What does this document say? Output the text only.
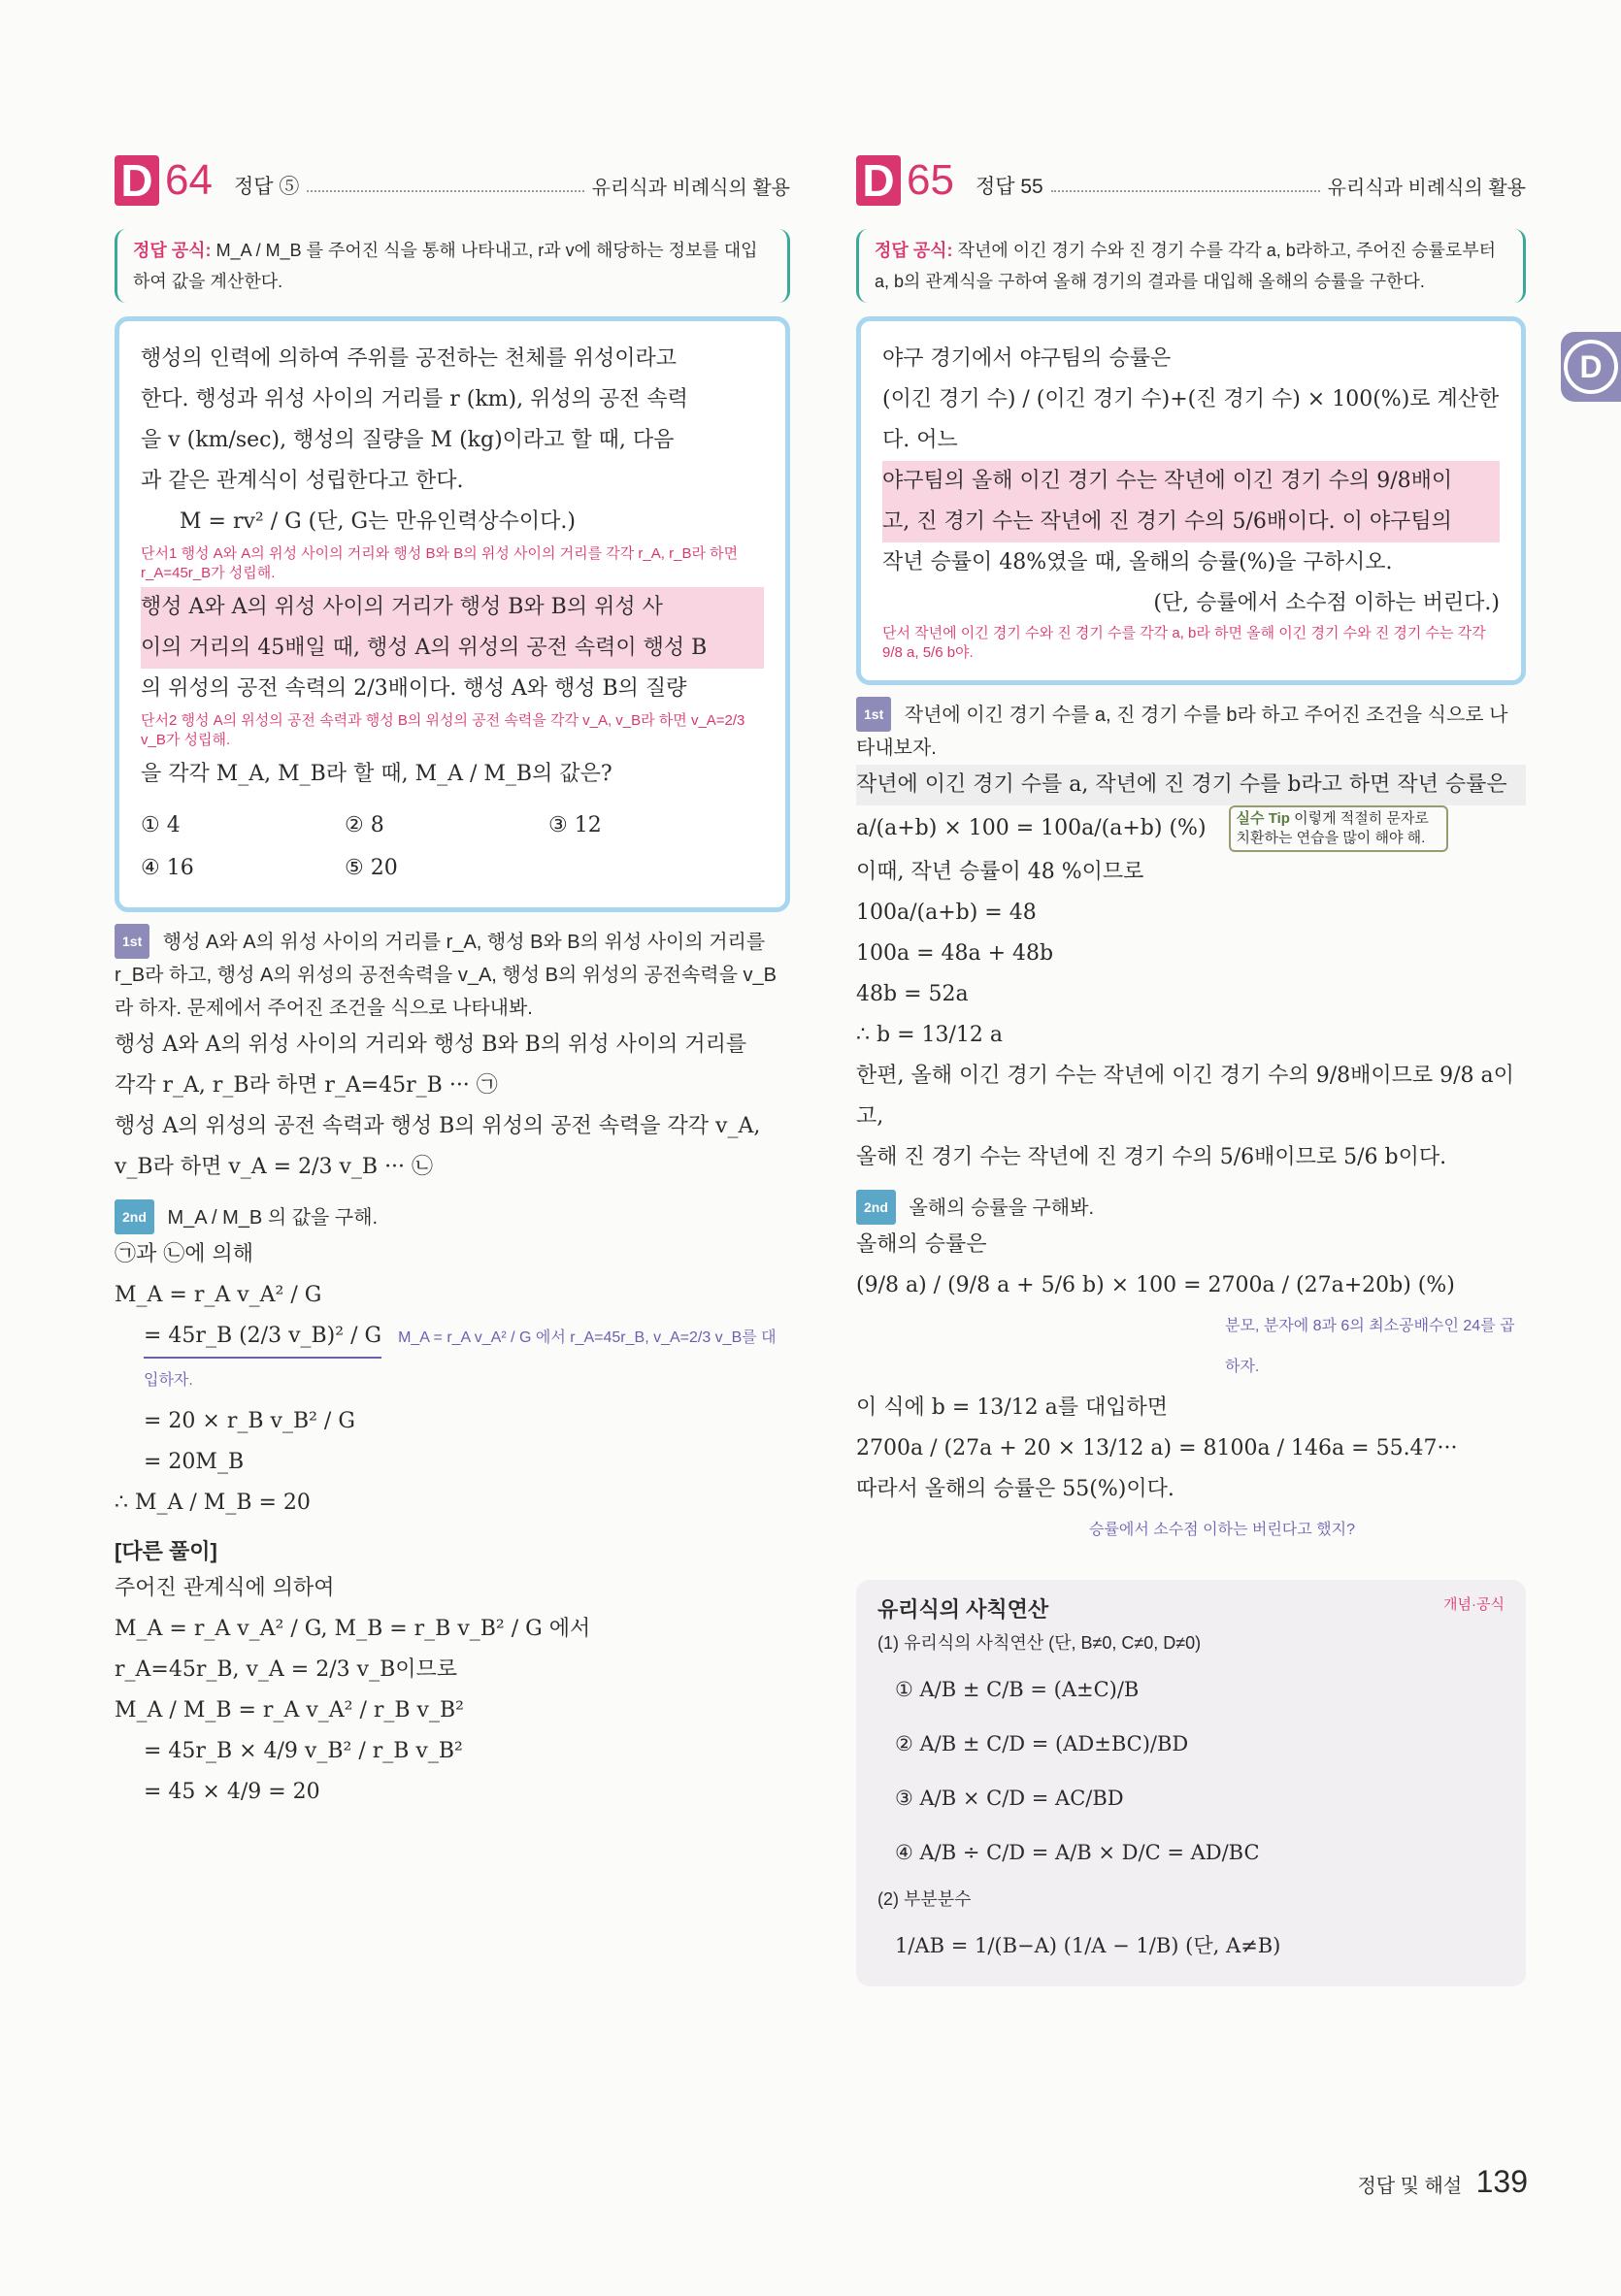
D 64 정답 ⑤	유리식과 비례식의 활용
정답 공식: M_A / M_B 를 주어진 식을 통해 나타내고, r과 v에 해당하는 정보를 대입하여 값을 계산한다.
행성의 인력에 의하여 주위를 공전하는 천체를 위성이라고
한다. 행성과 위성 사이의 거리를 r (km), 위성의 공전 속력
을 v (km/sec), 행성의 질량을 M (kg)이라고 할 때, 다음
과 같은 관계식이 성립한다고 한다.
M = rv² / G (단, G는 만유인력상수이다.)
단서1 행성 A와 A의 위성 사이의 거리와 행성 B와 B의 위성 사이의 거리를 각각 r_A, r_B라 하면 r_A=45r_B가 성립해.
행성 A와 A의 위성 사이의 거리가 행성 B와 B의 위성 사
이의 거리의 45배일 때, 행성 A의 위성의 공전 속력이 행성 B
의 위성의 공전 속력의 2/3배이다. 행성 A와 행성 B의 질량
단서2 행성 A의 위성의 공전 속력과 행성 B의 위성의 공전 속력을 각각 v_A, v_B라 하면 v_A=2/3 v_B가 성립해.
을 각각 M_A, M_B라 할 때, M_A / M_B의 값은?
① 4	② 8	③ 12
④ 16	⑤ 20
1st 행성 A와 A의 위성 사이의 거리를 r_A, 행성 B와 B의 위성 사이의 거리를 r_B라 하고, 행성 A의 위성의 공전속력을 v_A, 행성 B의 위성의 공전속력을 v_B라 하자. 문제에서 주어진 조건을 식으로 나타내봐.
행성 A와 A의 위성 사이의 거리와 행성 B와 B의 위성 사이의 거리를
각각 r_A, r_B라 하면 r_A=45r_B ··· ㉠
행성 A의 위성의 공전 속력과 행성 B의 위성의 공전 속력을 각각 v_A,
v_B라 하면 v_A = 2/3 v_B ··· ㉡
2nd M_A / M_B 의 값을 구해.
㉠과 ㉡에 의해
M_A = r_A v_A² / G
= 45r_B (2/3 v_B)² / G M_A = r_A v_A² / G 에서 r_A=45r_B, v_A=2/3 v_B를 대입하자.
= 20 × r_B v_B² / G
= 20M_B
∴ M_A / M_B = 20
[다른 풀이]
주어진 관계식에 의하여
M_A = r_A v_A² / G, M_B = r_B v_B² / G 에서
r_A=45r_B, v_A = 2/3 v_B이므로
M_A / M_B = r_A v_A² / r_B v_B²
= 45r_B × 4/9 v_B² / r_B v_B²
= 45 × 4/9 = 20
D 65 정답 55	유리식과 비례식의 활용
정답 공식: 작년에 이긴 경기 수와 진 경기 수를 각각 a, b라하고, 주어진 승률로부터 a, b의 관계식을 구하여 올해 경기의 결과를 대입해 올해의 승률을 구한다.
야구 경기에서 야구팀의 승률은
(이긴 경기 수) / (이긴 경기 수)+(진 경기 수) × 100(%)로 계산한다. 어느
야구팀의 올해 이긴 경기 수는 작년에 이긴 경기 수의 9/8배이
고, 진 경기 수는 작년에 진 경기 수의 5/6배이다. 이 야구팀의
작년 승률이 48%였을 때, 올해의 승률(%)을 구하시오.
(단, 승률에서 소수점 이하는 버린다.)
단서 작년에 이긴 경기 수와 진 경기 수를 각각 a, b라 하면 올해 이긴 경기 수와 진 경기 수는 각각 9/8 a, 5/6 b야.
1st 작년에 이긴 경기 수를 a, 진 경기 수를 b라 하고 주어진 조건을 식으로 나타내보자.
작년에 이긴 경기 수를 a, 작년에 진 경기 수를 b라고 하면 작년 승률은
a/(a+b) × 100 = 100a/(a+b) (%) 실수 Tip 이렇게 적절히 문자로 치환하는 연습을 많이 해야 해.
이때, 작년 승률이 48 %이므로
100a/(a+b) = 48
100a = 48a + 48b
48b = 52a
∴ b = 13/12 a
한편, 올해 이긴 경기 수는 작년에 이긴 경기 수의 9/8배이므로 9/8 a이고,
올해 진 경기 수는 작년에 진 경기 수의 5/6배이므로 5/6 b이다.
2nd 올해의 승률을 구해봐.
올해의 승률은
(9/8 a) / (9/8 a + 5/6 b) × 100 = 2700a / (27a+20b) (%)
분모, 분자에 8과 6의 최소공배수인 24를 곱하자.
이 식에 b = 13/12 a를 대입하면
2700a / (27a + 20 × 13/12 a) = 8100a / 146a = 55.47···
따라서 올해의 승률은 55(%)이다.
승률에서 소수점 이하는 버린다고 했지?
유리식의 사칙연산	개념·공식
(1) 유리식의 사칙연산 (단, B≠0, C≠0, D≠0)
① A/B ± C/B = (A±C)/B
② A/B ± C/D = (AD±BC)/BD
③ A/B × C/D = AC/BD
④ A/B ÷ C/D = A/B × D/C = AD/BC
(2) 부분분수
1/AB = 1/(B−A) (1/A − 1/B) (단, A≠B)
D
정답 및 해설 139
